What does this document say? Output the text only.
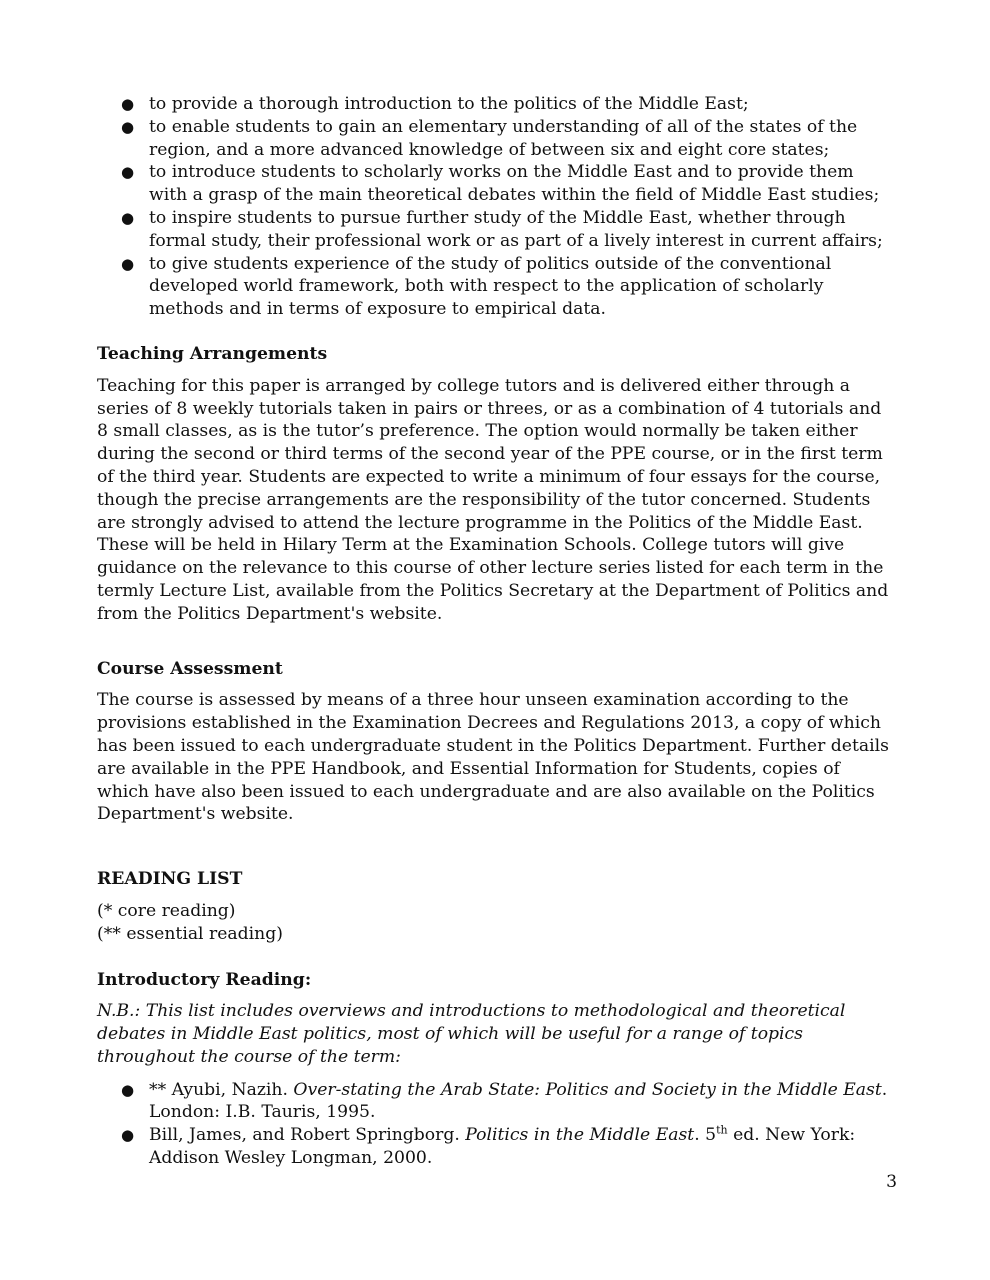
● to provide a thorough introduction to the politics of the Middle East;
● to enable students to gain an elementary understanding of all of the states of the region, and a more advanced knowledge of between six and eight core states;
● to introduce students to scholarly works on the Middle East and to provide them with a grasp of the main theoretical debates within the field of Middle East studies;
● to inspire students to pursue further study of the Middle East, whether through formal study, their professional work or as part of a lively interest in current affairs;
● to give students experience of the study of politics outside of the conventional developed world framework, both with respect to the application of scholarly methods and in terms of exposure to empirical data.
Teaching Arrangements

Teaching for this paper is arranged by college tutors and is delivered either through a series of 8 weekly tutorials taken in pairs or threes, or as a combination of 4 tutorials and 8 small classes, as is the tutor’s preference. The option would normally be taken either during the second or third terms of the second year of the PPE course, or in the first term of the third year. Students are expected to write a minimum of four essays for the course, though the precise arrangements are the responsibility of the tutor concerned. Students are strongly advised to attend the lecture programme in the Politics of the Middle East. These will be held in Hilary Term at the Examination Schools. College tutors will give guidance on the relevance to this course of other lecture series listed for each term in the termly Lecture List, available from the Politics Secretary at the Department of Politics and from the Politics Department's website.

Course Assessment

The course is assessed by means of a three hour unseen examination according to the provisions established in the Examination Decrees and Regulations 2013, a copy of which has been issued to each undergraduate student in the Politics Department. Further details are available in the PPE Handbook, and Essential Information for Students, copies of which have also been issued to each undergraduate and are also available on the Politics Department's website.

READING LIST

(* core reading)

(** essential reading)

Introductory Reading:

N.B.: This list includes overviews and introductions to methodological and theoretical debates in Middle East politics, most of which will be useful for a range of topics throughout the course of the term:

● ** Ayubi, Nazih. Over-stating the Arab State: Politics and Society in the Middle East. London: I.B. Tauris, 1995.
● Bill, James, and Robert Springborg. Politics in the Middle East. 5th ed. New York: Addison Wesley Longman, 2000.
3
